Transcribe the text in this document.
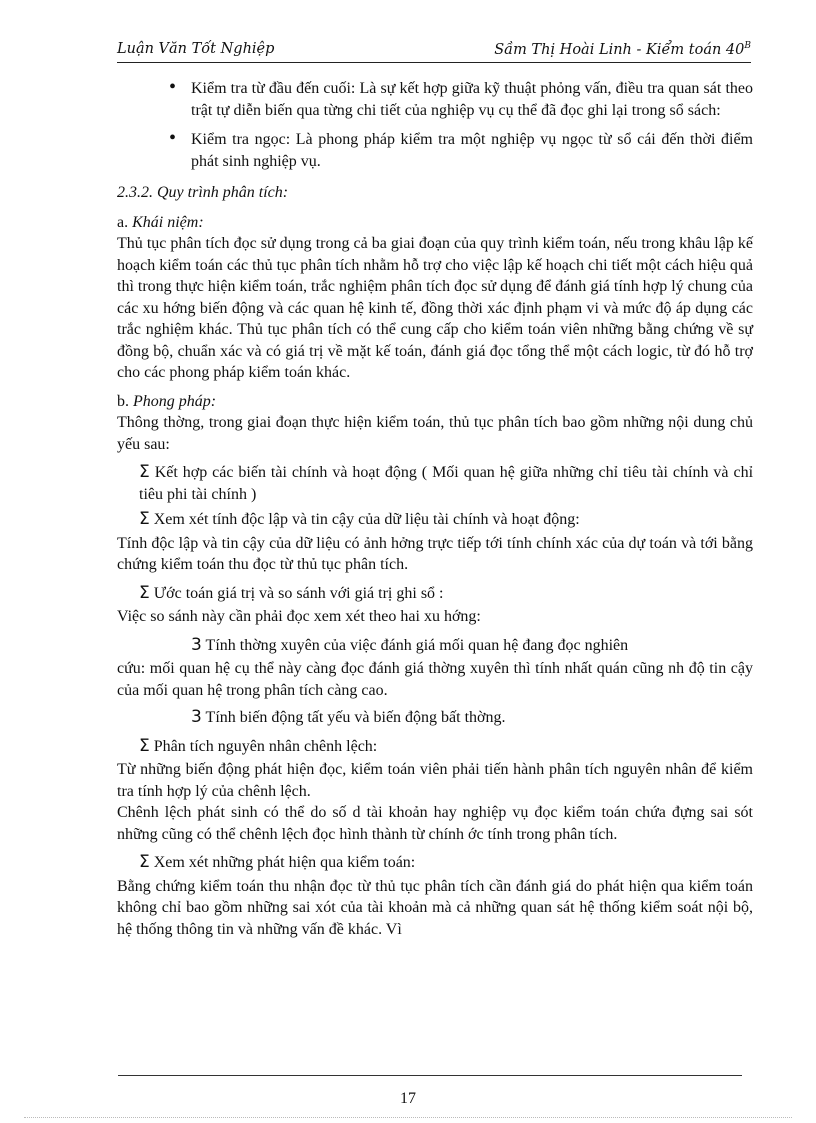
Luận Văn Tốt Nghiệp	Sầm Thị Hoài Linh - Kiểm toán $40^B$
• Kiểm tra từ đầu đến cuối: Là sự kết hợp giữa kỹ thuật phỏng vấn, điều tra quan sát theo trật tự diễn biến qua từng chi tiết của nghiệp vụ cụ thể đã đọc ghi lại trong sổ sách:
• Kiểm tra ngọc: Là phong pháp kiểm tra một nghiệp vụ ngọc từ sổ cái đến thời điểm phát sinh nghiệp vụ.
2.3.2. Quy trình phân tích:
a. Khái niệm:

Thủ tục phân tích đọc sử dụng trong cả ba giai đoạn của quy trình kiểm toán, nếu trong khâu lập kế hoạch kiểm toán các thủ tục phân tích nhằm hỗ trợ cho việc lập kế hoạch chi tiết một cách hiệu quả thì trong thực hiện kiểm toán, trắc nghiệm phân tích đọc sử dụng để đánh giá tính hợp lý chung của các xu hớng biến động và các quan hệ kinh tế, đồng thời xác định phạm vi và mức độ áp dụng các trắc nghiệm khác. Thủ tục phân tích có thể cung cấp cho kiểm toán viên những bằng chứng về sự đồng bộ, chuẩn xác và có giá trị về mặt kế toán, đánh giá đọc tổng thể một cách logic, từ đó hỗ trợ cho các phong pháp kiểm toán khác.

b. Phong pháp:

Thông thờng, trong giai đoạn thực hiện kiểm toán, thủ tục phân tích bao gồm những nội dung chủ yếu sau:

Σ Kết hợp các biến tài chính và hoạt động ( Mối quan hệ giữa những chỉ tiêu tài chính và chỉ tiêu phi tài chính )

Σ Xem xét tính độc lập và tin cậy của dữ liệu tài chính và hoạt động:

Tính độc lập và tin cậy của dữ liệu có ảnh hởng trực tiếp tới tính chính xác của dự toán và tới bằng chứng kiểm toán thu đọc từ thủ tục phân tích.

Σ Ước toán giá trị và so sánh với giá trị ghi sổ :

Việc so sánh này cần phải đọc xem xét theo hai xu hớng:

3 Tính thờng xuyên của việc đánh giá mối quan hệ đang đọc nghiên

cứu: mối quan hệ cụ thể này càng đọc đánh giá thờng xuyên thì tính nhất quán cũng nh độ tin cậy của mối quan hệ trong phân tích càng cao.

3 Tính biến động tất yếu và biến động bất thờng.

Σ Phân tích nguyên nhân chênh lệch:

Từ những biến động phát hiện đọc, kiểm toán viên phải tiến hành phân tích nguyên nhân để kiểm tra tính hợp lý của chênh lệch.

Chênh lệch phát sinh có thể do số d tài khoản hay nghiệp vụ đọc kiểm toán chứa đựng sai sót những cũng có thể chênh lệch đọc hình thành từ chính ớc tính trong phân tích.

Σ Xem xét những phát hiện qua kiểm toán:

Bằng chứng kiểm toán thu nhận đọc từ thủ tục phân tích cần đánh giá do phát hiện qua kiểm toán không chỉ bao gồm những sai xót của tài khoản mà cả những quan sát hệ thống kiểm soát nội bộ, hệ thống thông tin và những vấn đề khác. Vì

17
